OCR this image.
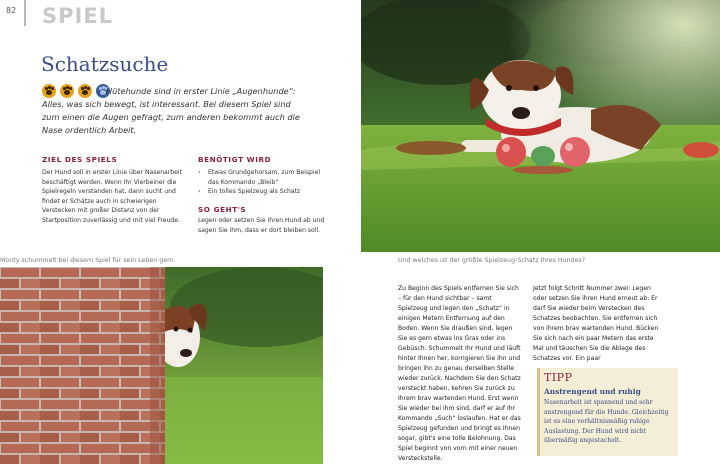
82 SPIEL
Schatzsuche
Hütehunde sind in erster Linie „Augenhunde“: Alles, was sich bewegt, ist interessant. Bei diesem Spiel sind zum einen die Augen gefragt, zum anderen bekommt auch die Nase ordentlich Arbeit.
ZIEL DES SPIELS
Der Hund soll in erster Linie über Nasenarbeit beschäftigt werden. Wenn Ihr Vierbeiner die Spielregeln verstanden hat, dann sucht und findet er Schätze auch in schwierigen Verstecken mit großer Distanz von der Startposition zuverlässig und mit viel Freude.
BENÖTIGT WIRD
› Etwas Grundgehorsam, zum Beispiel das Kommando „Bleib“
› Ein tolles Spielzeug als Schatz
SO GEHT'S
Legen oder setzen Sie ihren Hund ab und sagen Sie ihm, dass er dort bleiben soll.
Monty schummelt bei diesem Spiel für sein Leben gern.	Und welches ist der größte Spielzeug-Schatz Ihres Hundes?
Zu Beginn des Spiels entfernen Sie sich – für den Hund sichtbar – samt Spielzeug und legen den „Schatz“ in einigen Metern Entfernung auf den Boden. Wenn Sie draußen sind, legen Sie es gern etwas ins Gras oder ins Gebüsch. Schummelt Ihr Hund und läuft hinter Ihnen her, korrigieren Sie ihn und bringen ihn zu genau derselben Stelle wieder zurück. Nachdem Sie den Schatz versteckt haben, kehren Sie zurück zu Ihrem brav wartenden Hund. Erst wenn Sie wieder bei ihm sind, darf er auf Ihr Kommando „Such“ loslaufen. Hat er das Spielzeug gefunden und bringt es Ihnen sogar, gibt's eine tolle Belohnung. Das Spiel beginnt von vorn mit einer neuen Versteckstelle.
Jetzt folgt Schritt Nummer zwei: Legen oder setzen Sie ihren Hund erneut ab. Er darf Sie wieder beim Verstecken des Schatzes beobachten. Sie entfernen sich von ihrem brav wartenden Hund. Bücken Sie sich nach ein paar Metern das erste Mal und täuschen Sie die Ablage des Schatzes vor. Ein paar
TIPP
Anstrengend und ruhig
Nasenarbeit ist spannend und sehr anstrengend für die Hunde. Gleichzeitig ist es eine verhältnismäßig ruhige Auslastung. Der Hund wird nicht übermäßig angestachelt.
